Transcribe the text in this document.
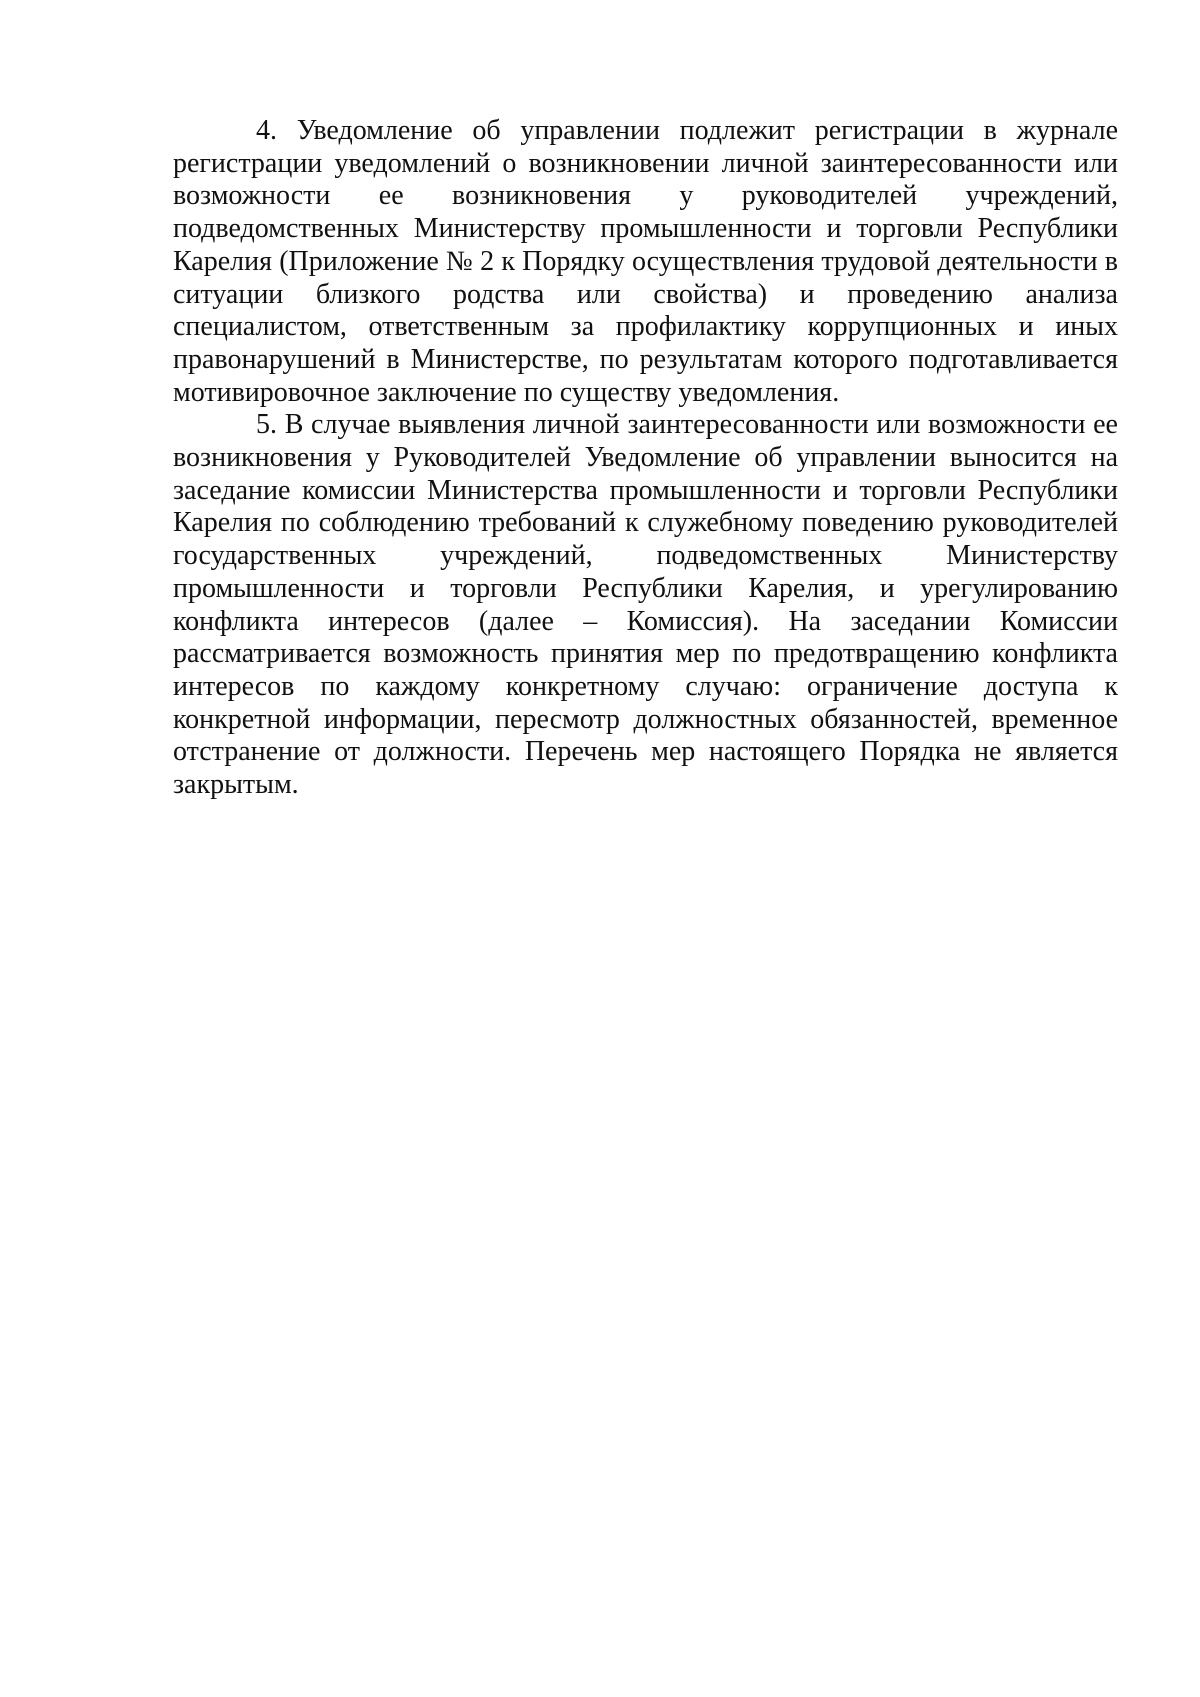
4. Уведомление об управлении подлежит регистрации в журнале регистрации уведомлений о возникновении личной заинтересованности или возможности ее возникновения у руководителей учреждений, подведомственных Министерству промышленности и торговли Республики Карелия (Приложение № 2 к Порядку осуществления трудовой деятельности в ситуации близкого родства или свойства) и проведению анализа специалистом, ответственным за профилактику коррупционных и иных правонарушений в Министерстве, по результатам которого подготавливается мотивировочное заключение по существу уведомления.

5. В случае выявления личной заинтересованности или возможности ее возникновения у Руководителей Уведомление об управлении выносится на заседание комиссии Министерства промышленности и торговли Республики Карелия по соблюдению требований к служебному поведению руководителей государственных учреждений, подведомственных Министерству промышленности и торговли Республики Карелия, и урегулированию конфликта интересов (далее – Комиссия). На заседании Комиссии рассматривается возможность принятия мер по предотвращению конфликта интересов по каждому конкретному случаю: ограничение доступа к конкретной информации, пересмотр должностных обязанностей, временное отстранение от должности. Перечень мер настоящего Порядка не является закрытым.
